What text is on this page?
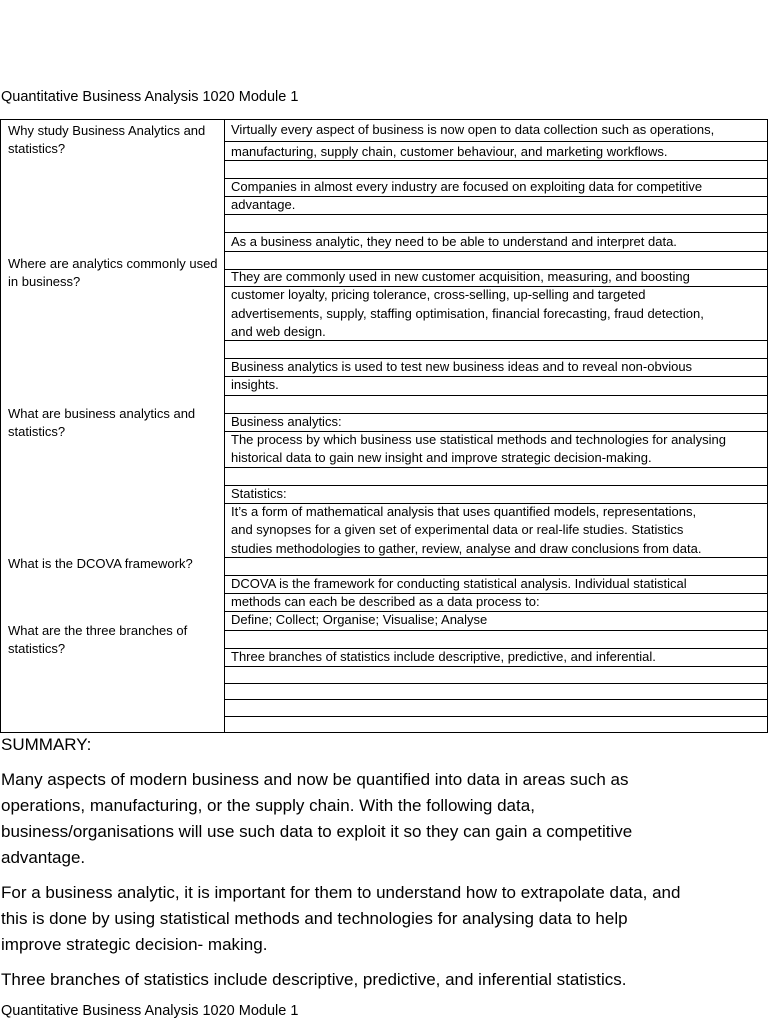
Quantitative Business Analysis 1020 Module 1
Why study Business Analytics and statistics?
Where are analytics commonly used in business?
What are business analytics and statistics?
What is the DCOVA framework?
What are the three branches of statistics?
Virtually every aspect of business is now open to data collection such as operations,
manufacturing, supply chain, customer behaviour, and marketing workflows.
Companies in almost every industry are focused on exploiting data for competitive
advantage.
As a business analytic, they need to be able to understand and interpret data.
They are commonly used in new customer acquisition, measuring, and boosting
customer loyalty, pricing tolerance, cross-selling, up-selling and targeted
advertisements, supply, staffing optimisation, financial forecasting, fraud detection,
and web design.
Business analytics is used to test new business ideas and to reveal non-obvious
insights.
Business analytics:
The process by which business use statistical methods and technologies for analysing
historical data to gain new insight and improve strategic decision-making.
Statistics:
It’s a form of mathematical analysis that uses quantified models, representations,
and synopses for a given set of experimental data or real-life studies. Statistics
studies methodologies to gather, review, analyse and draw conclusions from data.
DCOVA is the framework for conducting statistical analysis. Individual statistical
methods can each be described as a data process to:
Define; Collect; Organise; Visualise; Analyse
Three branches of statistics include descriptive, predictive, and inferential.
SUMMARY:
Many aspects of modern business and now be quantified into data in areas such as
operations, manufacturing, or the supply chain. With the following data,
business/organisations will use such data to exploit it so they can gain a competitive
advantage.
For a business analytic, it is important for them to understand how to extrapolate data, and
this is done by using statistical methods and technologies for analysing data to help
improve strategic decision- making.
Three branches of statistics include descriptive, predictive, and inferential statistics.
Quantitative Business Analysis 1020 Module 1
